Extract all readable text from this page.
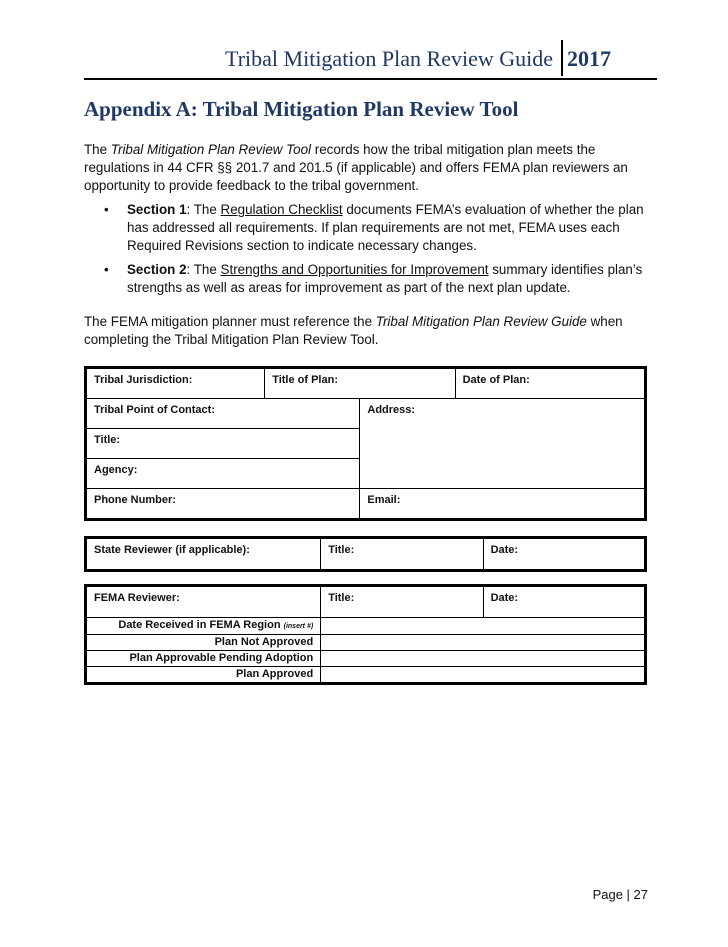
Tribal Mitigation Plan Review Guide 2017
Appendix A: Tribal Mitigation Plan Review Tool

The Tribal Mitigation Plan Review Tool records how the tribal mitigation plan meets the regulations in 44 CFR §§ 201.7 and 201.5 (if applicable) and offers FEMA plan reviewers an opportunity to provide feedback to the tribal government.

• Section 1: The Regulation Checklist documents FEMA’s evaluation of whether the plan has addressed all requirements. If plan requirements are not met, FEMA uses each Required Revisions section to indicate necessary changes.
• Section 2: The Strengths and Opportunities for Improvement summary identifies plan’s strengths as well as areas for improvement as part of the next plan update.

The FEMA mitigation planner must reference the Tribal Mitigation Plan Review Guide when completing the Tribal Mitigation Plan Review Tool.

Tribal Jurisdiction:	Title of Plan:		Date of Plan:
Tribal Point of Contact:		Address:	
Title:			
Agency:			
Phone Number:		Email:	
State Reviewer (if applicable):	Title:	Date:
FEMA Reviewer:	Title:	Date:
Date Received in FEMA Region (insert #)		
Plan Not Approved		
Plan Approvable Pending Adoption		
Plan Approved		
Page | 27
